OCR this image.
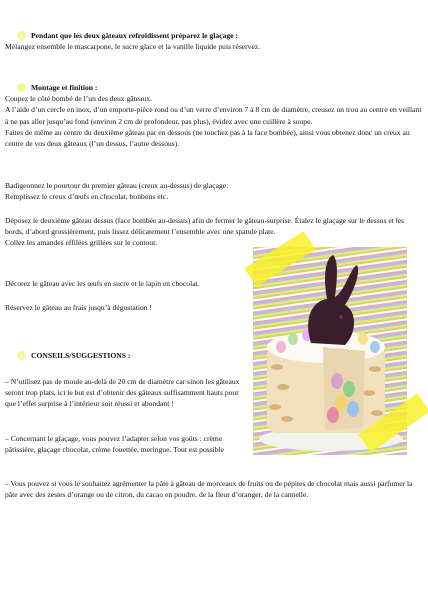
Pendant que les deux gâteaux refroidissent préparez le glaçage :

Mélangez ensemble le mascarpone, le sucre glace et la vanille liquide puis réservez.

Montage et finition :

Coupez le côté bombé de l’un des deux gâteaux.

A l’aide d’un cercle en inox, d’un emporte-pièce rond ou d’un verre d’environ 7 à 8 cm de diamètre, creusez un trou au centre en veillant à ne pas aller jusqu’au fond (environ 2 cm de profondeur, pas plus), évidez avec une cuillère à soupe.

Faites de même au centre du deuxième gâteau par en dessous (ne touchez pas à la face bombée), ainsi vous obtenez donc un creux au centre de vos deux gâteaux (l’un dessus, l’autre dessous).

Badigeonnez le pourtour du premier gâteau (creux au-dessus) de glaçage.

Remplissez le creux d’œufs en chocolat, bonbons etc.

Déposez le deuxième gâteau dessus (face bombée au-dessus) afin de fermer le gâteau-surprise. Étalez le glaçage sur le dessus et les bords, d’abord grossièrement, puis lissez délicatement l’ensemble avec une spatule plate.

Collez les amandes effilées grillées sur le contour.

Décorez le gâteau avec les œufs en sucre et le lapin en chocolat.

Réservez le gâteau au frais jusqu’à dégustation !

CONSEILS/SUGGESTIONS :

– N’utilisez pas de moule au-delà de 20 cm de diamètre car sinon les gâteaux seront trop plats, ici le but est d’obtenir des gâteaux suffisamment hauts pour que l’effet surprise à l’intérieur soit réussi et abondant !

– Concernant le glaçage, vous pouvez l’adapter selon vos goûts : crème pâtissière, glaçage chocolat, crème fouettée, meringue. Tout est possible

– Vous pouvez si vous le souhaitez agrémenter la pâte à gâteau de morceaux de fruits ou de pépites de chocolat mais aussi parfumer la pâte avec des zestes d’orange ou de citron, du cacao en poudre, de la fleur d’oranger, de la cannelle.
